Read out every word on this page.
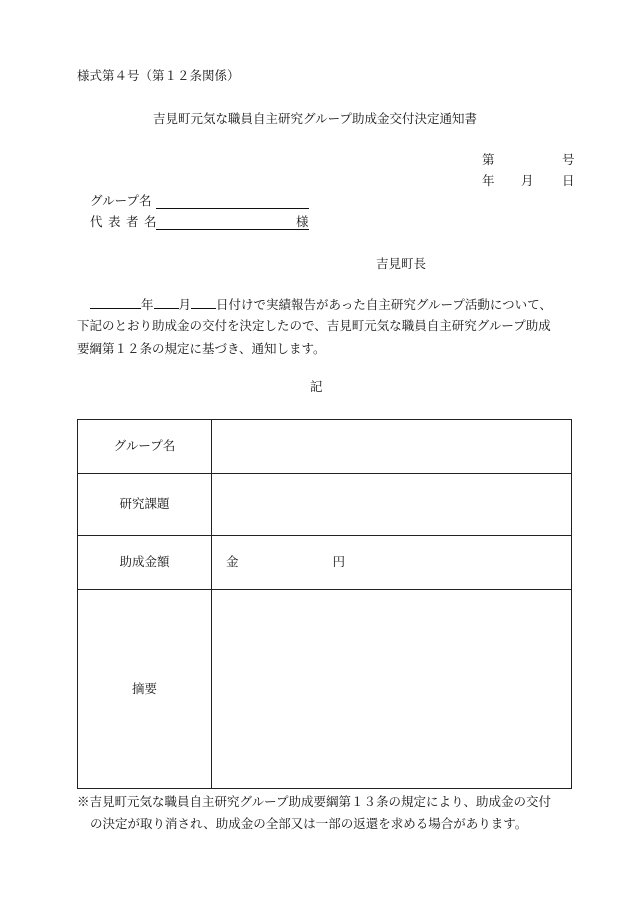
様式第４号（第１２条関係）
吉見町元気な職員自主研究グループ助成金交付決定通知書
第	号
年 月 日
グループ名
代表者名	様
吉見町長
年 月 日付けで実績報告があった自主研究グループ活動について、
下記のとおり助成金の交付を決定したので、吉見町元気な職員自主研究グループ助成
要綱第１２条の規定に基づき、通知します。
記
グループ名	
研究課題	
助成金額	金 円
摘要	
※吉見町元気な職員自主研究グループ助成要綱第１３条の規定により、助成金の交付
の決定が取り消され、助成金の全部又は一部の返還を求める場合があります。
